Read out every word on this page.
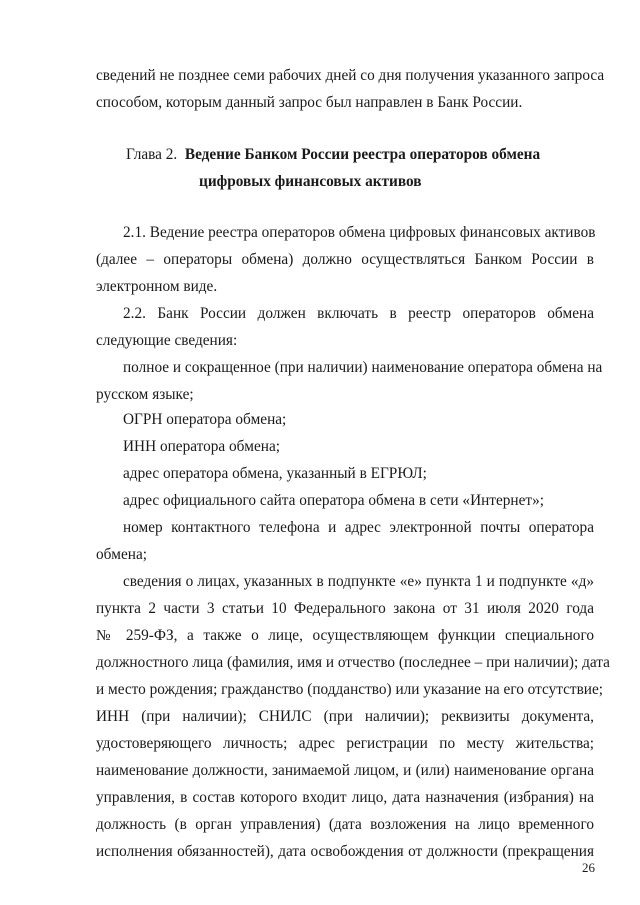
сведений не позднее семи рабочих дней со дня получения указанного запроса
способом, которым данный запрос был направлен в Банк России.
Глава 2. Ведение Банком России реестра операторов обмена
цифровых финансовых активов
2.1. Ведение реестра операторов обмена цифровых финансовых активов
(далее – операторы обмена) должно осуществляться Банком России в
электронном виде.
2.2. Банк России должен включать в реестр операторов обмена
следующие сведения:
полное и сокращенное (при наличии) наименование оператора обмена на
русском языке;
ОГРН оператора обмена;
ИНН оператора обмена;
адрес оператора обмена, указанный в ЕГРЮЛ;
адрес официального сайта оператора обмена в сети «Интернет»;
номер контактного телефона и адрес электронной почты оператора
обмена;
сведения о лицах, указанных в подпункте «е» пункта 1 и подпункте «д»
пункта 2 части 3 статьи 10 Федерального закона от 31 июля 2020 года
№ 259-ФЗ, а также о лице, осуществляющем функции специального
должностного лица (фамилия, имя и отчество (последнее – при наличии); дата
и место рождения; гражданство (подданство) или указание на его отсутствие;
ИНН (при наличии); СНИЛС (при наличии); реквизиты документа,
удостоверяющего личность; адрес регистрации по месту жительства;
наименование должности, занимаемой лицом, и (или) наименование органа
управления, в состав которого входит лицо, дата назначения (избрания) на
должность (в орган управления) (дата возложения на лицо временного
исполнения обязанностей), дата освобождения от должности (прекращения
26
